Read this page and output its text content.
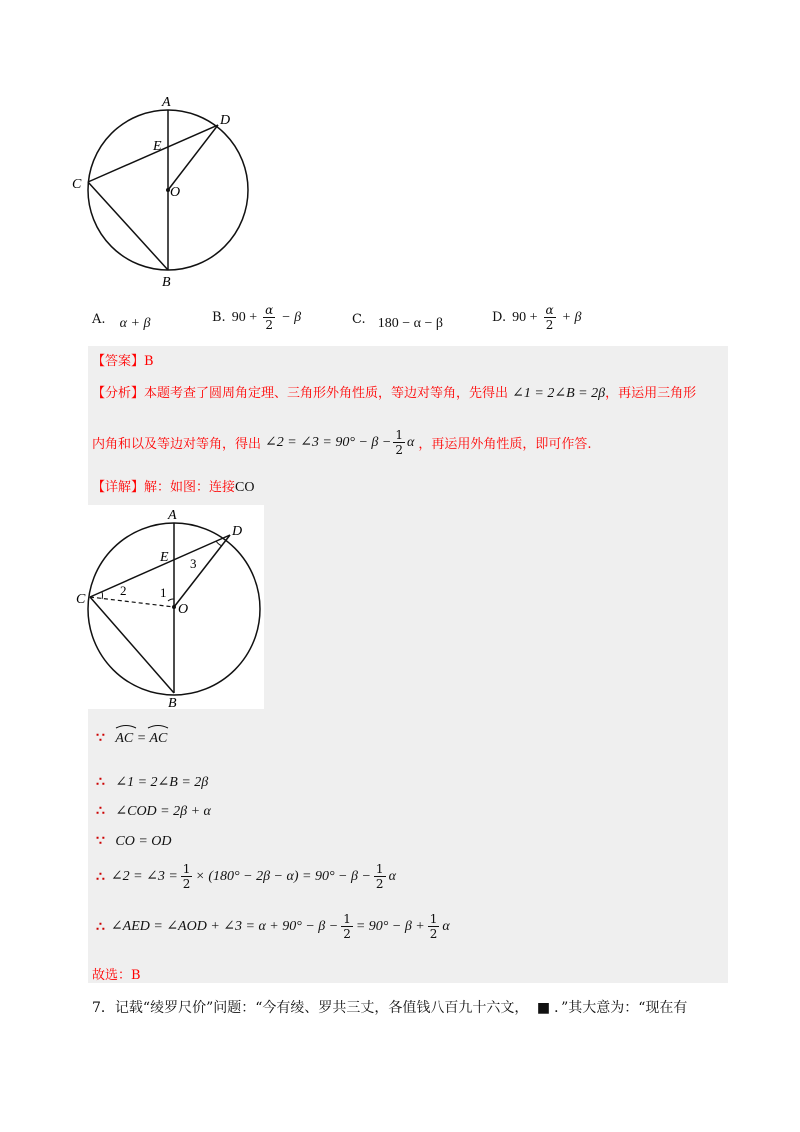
A
B
C
D
E
O
A. α + β	B. $90 + \frac{\alpha}{2} - \beta$	C. 180 − α − β	D. $90 + \frac{\alpha}{2} + \beta$
【答案】B
【分析】本题考查了圆周角定理、三角形外角性质，等边对等角，先得出 ∠1 = 2∠B = 2β，再运用三角形
内角和以及等边对等角，得出 ∠2 = ∠3 = $90^\circ - \beta - \frac{1}{2}$ α ，再运用外角性质，即可作答.
【详解】解：如图：连接CO
A
B
C
D
E
O
1
2
3
∵ AC = AC
∴ ∠1 = 2∠B = 2β
∴ ∠COD = 2β + α
∵ CO = OD
∴ ∠2 = ∠3 = $\frac{1}{2} \times (180^\circ - 2\beta - \alpha) = 90^\circ - \beta - \frac{1}{2}$ α
∴ ∠AED = ∠AOD + ∠3 = $\alpha + 90^\circ - \beta - \frac{1}{2} = 90^\circ - \beta + \frac{1}{2}$ α
故选：B
7．记载“绫罗尺价”问题：“今有绫、罗共三丈，各值钱八百九十六文， ■ ．”其大意为：“现在有
